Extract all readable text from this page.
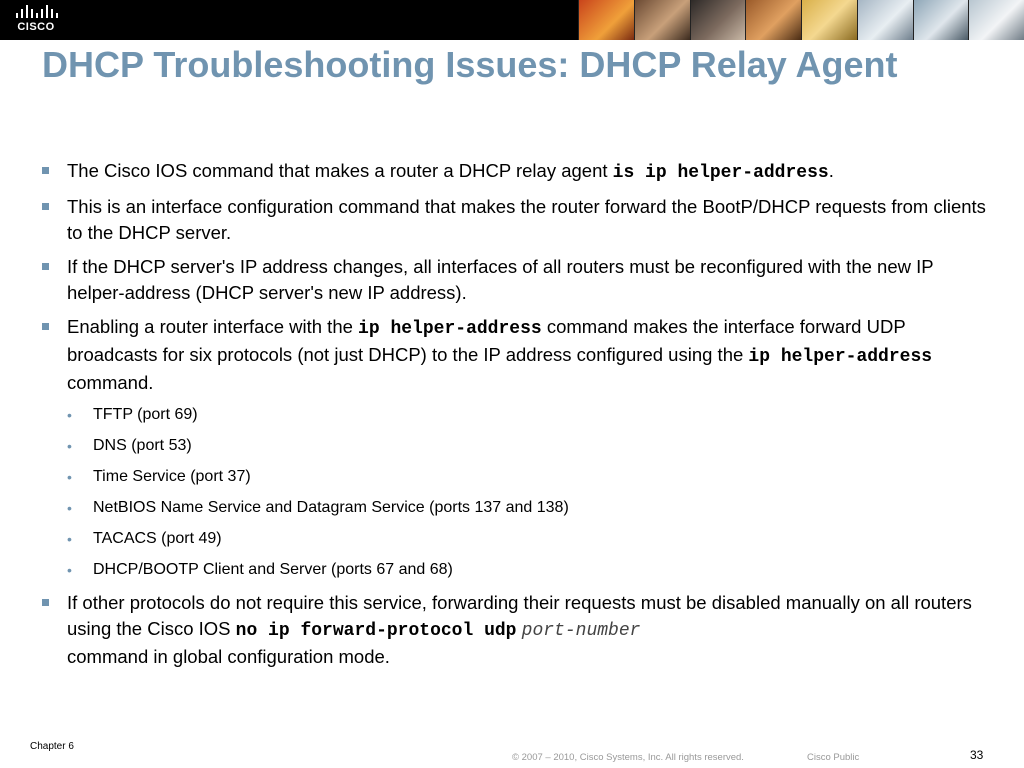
CISCO
DHCP Troubleshooting Issues: DHCP Relay Agent
The Cisco IOS command that makes a router a DHCP relay agent is ip helper-address.
This is an interface configuration command that makes the router forward the BootP/DHCP requests from clients to the DHCP server.
If the DHCP server's IP address changes, all interfaces of all routers must be reconfigured with the new IP helper-address (DHCP server's new IP address).
Enabling a router interface with the ip helper-address command makes the interface forward UDP broadcasts for six protocols (not just DHCP) to the IP address configured using the ip helper-address command.
• TFTP (port 69)
• DNS (port 53)
• Time Service (port 37)
• NetBIOS Name Service and Datagram Service (ports 137 and 138)
• TACACS (port 49)
• DHCP/BOOTP Client and Server (ports 67 and 68)
If other protocols do not require this service, forwarding their requests must be disabled manually on all routers using the Cisco IOS no ip forward-protocol udp port-number
command in global configuration mode.
Chapter 6
© 2007 – 2010, Cisco Systems, Inc. All rights reserved.	Cisco Public	33
